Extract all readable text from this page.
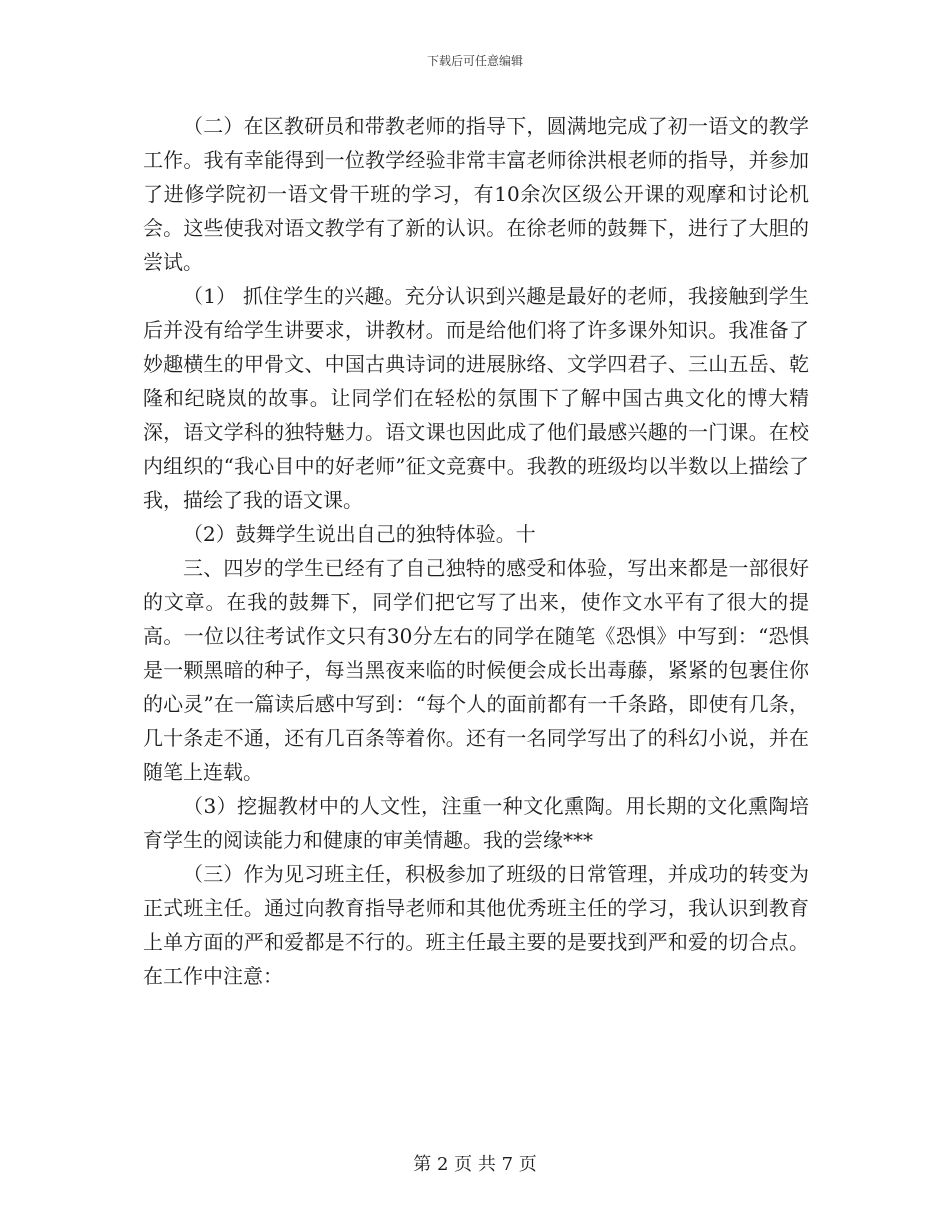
下载后可任意编辑

（二）在区教研员和带教老师的指导下，圆满地完成了初一语文的教学工作。我有幸能得到一位教学经验非常丰富老师徐洪根老师的指导，并参加了进修学院初一语文骨干班的学习，有10余次区级公开课的观摩和讨论机会。这些使我对语文教学有了新的认识。在徐老师的鼓舞下，进行了大胆的尝试。

（1） 抓住学生的兴趣。充分认识到兴趣是最好的老师，我接触到学生后并没有给学生讲要求，讲教材。而是给他们将了许多课外知识。我准备了妙趣横生的甲骨文、中国古典诗词的进展脉络、文学四君子、三山五岳、乾隆和纪晓岚的故事。让同学们在轻松的氛围下了解中国古典文化的博大精深，语文学科的独特魅力。语文课也因此成了他们最感兴趣的一门课。在校内组织的“我心目中的好老师”征文竞赛中。我教的班级均以半数以上描绘了我，描绘了我的语文课。

（2）鼓舞学生说出自己的独特体验。十

三、四岁的学生已经有了自己独特的感受和体验，写出来都是一部很好的文章。在我的鼓舞下，同学们把它写了出来，使作文水平有了很大的提高。一位以往考试作文只有30分左右的同学在随笔《恐惧》中写到：“恐惧是一颗黑暗的种子，每当黑夜来临的时候便会成长出毒藤，紧紧的包裹住你的心灵”在一篇读后感中写到：“每个人的面前都有一千条路，即使有几条，几十条走不通，还有几百条等着你。还有一名同学写出了的科幻小说，并在随笔上连载。

（3）挖掘教材中的人文性，注重一种文化熏陶。用长期的文化熏陶培育学生的阅读能力和健康的审美情趣。我的尝缘***

（三）作为见习班主任，积极参加了班级的日常管理，并成功的转变为正式班主任。通过向教育指导老师和其他优秀班主任的学习，我认识到教育上单方面的严和爱都是不行的。班主任最主要的是要找到严和爱的切合点。在工作中注意：

第 2 页 共 7 页
